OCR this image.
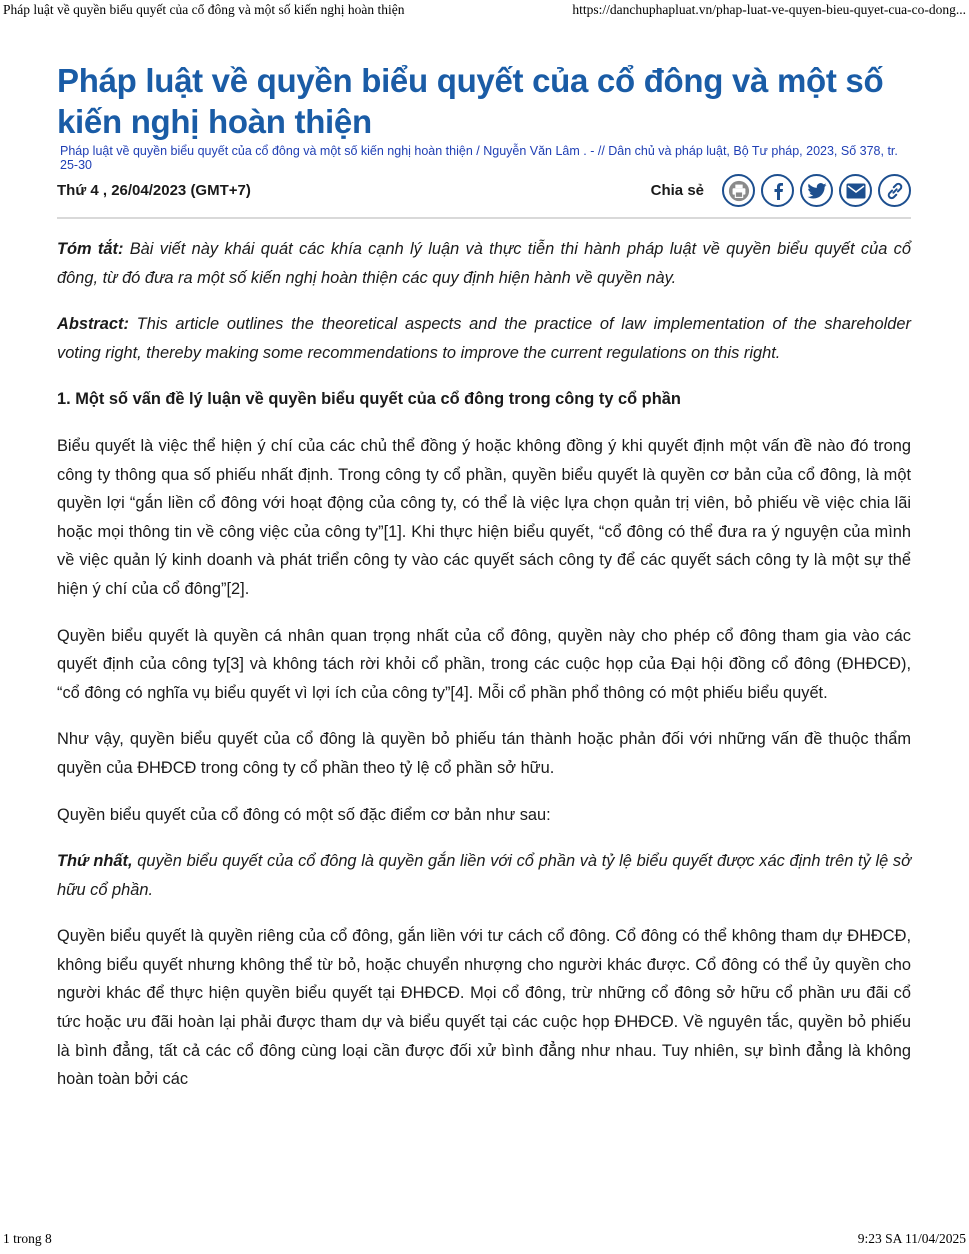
Pháp luật về quyền biểu quyết của cổ đông và một số kiến nghị hoàn thiện	https://danchuphapluat.vn/phap-luat-ve-quyen-bieu-quyet-cua-co-dong...
Pháp luật về quyền biểu quyết của cổ đông và một số kiến nghị hoàn thiện
Pháp luật về quyền biểu quyết của cổ đông và một số kiến nghị hoàn thiện / Nguyễn Văn Lâm . - // Dân chủ và pháp luật, Bộ Tư pháp, 2023, Số 378, tr. 25-30
Thứ 4 , 26/04/2023 (GMT+7)	Chia sẻ

Tóm tắt: Bài viết này khái quát các khía cạnh lý luận và thực tiễn thi hành pháp luật về quyền biểu quyết của cổ đông, từ đó đưa ra một số kiến nghị hoàn thiện các quy định hiện hành về quyền này.

Abstract: This article outlines the theoretical aspects and the practice of law implementation of the shareholder voting right, thereby making some recommendations to improve the current regulations on this right.

1. Một số vấn đề lý luận về quyền biểu quyết của cổ đông trong công ty cổ phần

Biểu quyết là việc thể hiện ý chí của các chủ thể đồng ý hoặc không đồng ý khi quyết định một vấn đề nào đó trong công ty thông qua số phiếu nhất định. Trong công ty cổ phần, quyền biểu quyết là quyền cơ bản của cổ đông, là một quyền lợi “gắn liền cổ đông với hoạt động của công ty, có thể là việc lựa chọn quản trị viên, bỏ phiếu về việc chia lãi hoặc mọi thông tin về công việc của công ty”[1]. Khi thực hiện biểu quyết, “cổ đông có thể đưa ra ý nguyện của mình về việc quản lý kinh doanh và phát triển công ty vào các quyết sách công ty để các quyết sách công ty là một sự thể hiện ý chí của cổ đông”[2].

Quyền biểu quyết là quyền cá nhân quan trọng nhất của cổ đông, quyền này cho phép cổ đông tham gia vào các quyết định của công ty[3] và không tách rời khỏi cổ phần, trong các cuộc họp của Đại hội đồng cổ đông (ĐHĐCĐ), “cổ đông có nghĩa vụ biểu quyết vì lợi ích của công ty”[4]. Mỗi cổ phần phổ thông có một phiếu biểu quyết.

Như vậy, quyền biểu quyết của cổ đông là quyền bỏ phiếu tán thành hoặc phản đối với những vấn đề thuộc thẩm quyền của ĐHĐCĐ trong công ty cổ phần theo tỷ lệ cổ phần sở hữu.

Quyền biểu quyết của cổ đông có một số đặc điểm cơ bản như sau:

Thứ nhất, quyền biểu quyết của cổ đông là quyền gắn liền với cổ phần và tỷ lệ biểu quyết được xác định trên tỷ lệ sở hữu cổ phần.

Quyền biểu quyết là quyền riêng của cổ đông, gắn liền với tư cách cổ đông. Cổ đông có thể không tham dự ĐHĐCĐ, không biểu quyết nhưng không thể từ bỏ, hoặc chuyển nhượng cho người khác được. Cổ đông có thể ủy quyền cho người khác để thực hiện quyền biểu quyết tại ĐHĐCĐ. Mọi cổ đông, trừ những cổ đông sở hữu cổ phần ưu đãi cổ tức hoặc ưu đãi hoàn lại phải được tham dự và biểu quyết tại các cuộc họp ĐHĐCĐ. Về nguyên tắc, quyền bỏ phiếu là bình đẳng, tất cả các cổ đông cùng loại cần được đối xử bình đẳng như nhau. Tuy nhiên, sự bình đẳng là không hoàn toàn bởi các

1 trong 8	9:23 SA 11/04/2025
